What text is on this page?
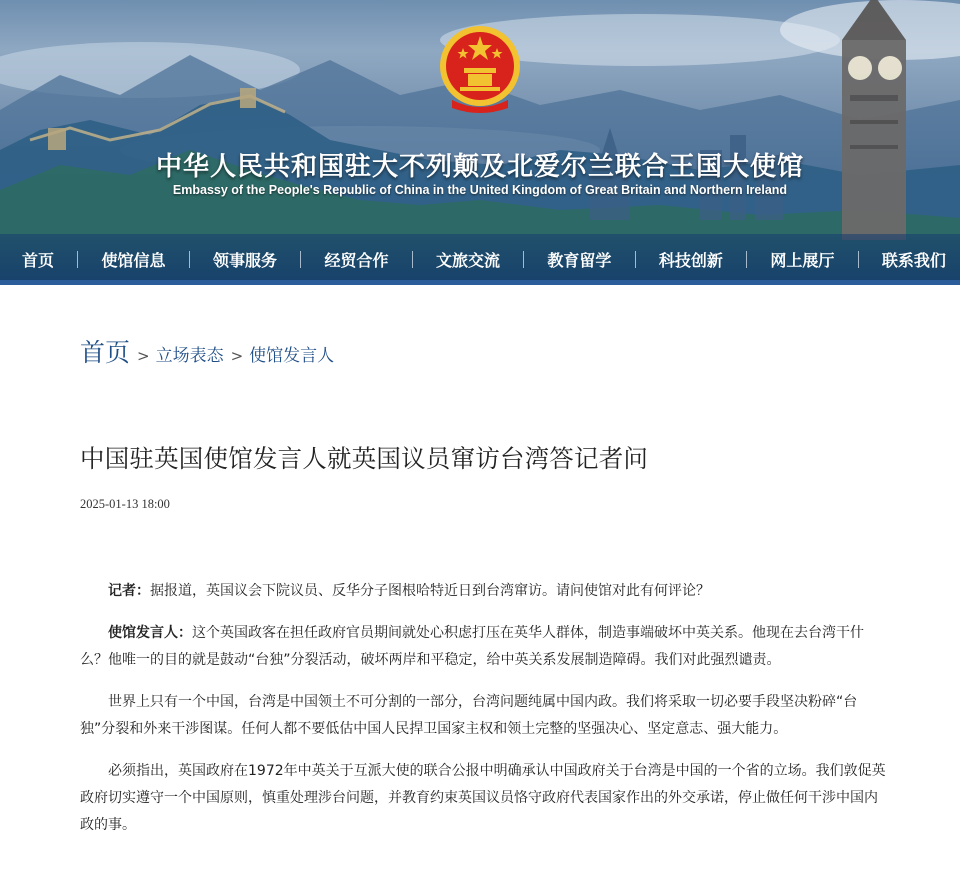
中华人民共和国驻大不列颠及北爱尔兰联合王国大使馆
Embassy of the People's Republic of China in the United Kingdom of Great Britain and Northern Ireland
首页	使馆信息	领事服务	经贸合作	文旅交流	教育留学	科技创新	网上展厅	联系我们
首页 > 立场表态 > 使馆发言人
中国驻英国使馆发言人就英国议员窜访台湾答记者问
2025-01-13 18:00

记者：据报道，英国议会下院议员、反华分子图根哈特近日到台湾窜访。请问使馆对此有何评论？

使馆发言人：这个英国政客在担任政府官员期间就处心积虑打压在英华人群体，制造事端破坏中英关系。他现在去台湾干什么？他唯一的目的就是鼓动“台独”分裂活动，破坏两岸和平稳定，给中英关系发展制造障碍。我们对此强烈谴责。

世界上只有一个中国，台湾是中国领土不可分割的一部分，台湾问题纯属中国内政。我们将采取一切必要手段坚决粉碎“台独”分裂和外来干涉图谋。任何人都不要低估中国人民捍卫国家主权和领土完整的坚强决心、坚定意志、强大能力。

必须指出，英国政府在1972年中英关于互派大使的联合公报中明确承认中国政府关于台湾是中国的一个省的立场。我们敦促英政府切实遵守一个中国原则，慎重处理涉台问题，并教育约束英国议员恪守政府代表国家作出的外交承诺，停止做任何干涉中国内政的事。
